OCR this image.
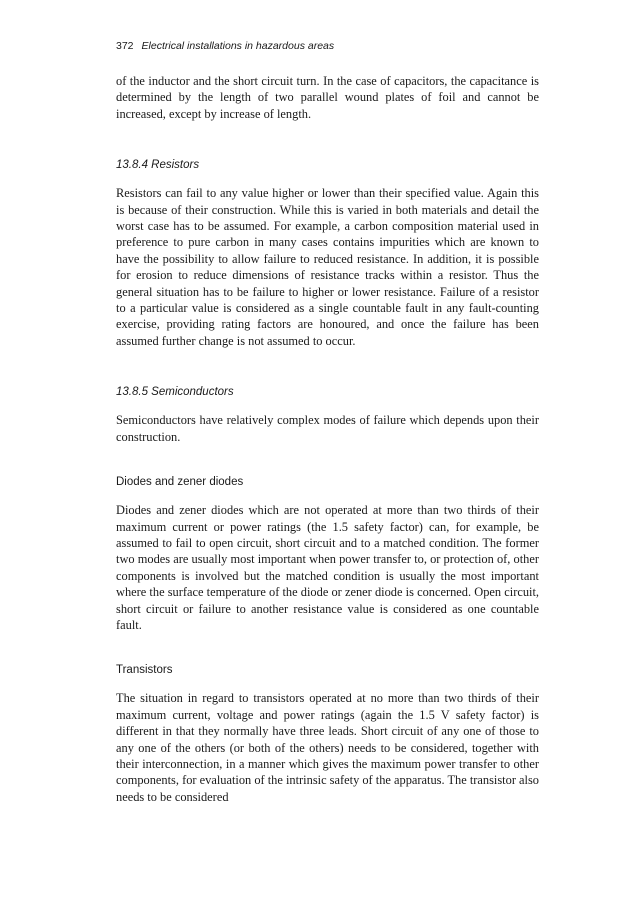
372 Electrical installations in hazardous areas

of the inductor and the short circuit turn. In the case of capacitors, the capacitance is determined by the length of two parallel wound plates of foil and cannot be increased, except by increase of length.

13.8.4 Resistors

Resistors can fail to any value higher or lower than their specified value. Again this is because of their construction. While this is varied in both materials and detail the worst case has to be assumed. For example, a carbon composition material used in preference to pure carbon in many cases contains impurities which are known to have the possibility to allow failure to reduced resistance. In addition, it is possible for erosion to reduce dimensions of resistance tracks within a resistor. Thus the general situation has to be failure to higher or lower resistance. Failure of a resistor to a particular value is considered as a single countable fault in any fault-counting exercise, providing rating factors are honoured, and once the failure has been assumed further change is not assumed to occur.

13.8.5 Semiconductors

Semiconductors have relatively complex modes of failure which depends upon their construction.

Diodes and zener diodes

Diodes and zener diodes which are not operated at more than two thirds of their maximum current or power ratings (the 1.5 safety factor) can, for example, be assumed to fail to open circuit, short circuit and to a matched condition. The former two modes are usually most important when power transfer to, or protection of, other components is involved but the matched condition is usually the most important where the surface temperature of the diode or zener diode is concerned. Open circuit, short circuit or failure to another resistance value is considered as one countable fault.

Transistors

The situation in regard to transistors operated at no more than two thirds of their maximum current, voltage and power ratings (again the 1.5 V safety factor) is different in that they normally have three leads. Short circuit of any one of those to any one of the others (or both of the others) needs to be considered, together with their interconnection, in a manner which gives the maximum power transfer to other components, for evaluation of the intrinsic safety of the apparatus. The transistor also needs to be considered
